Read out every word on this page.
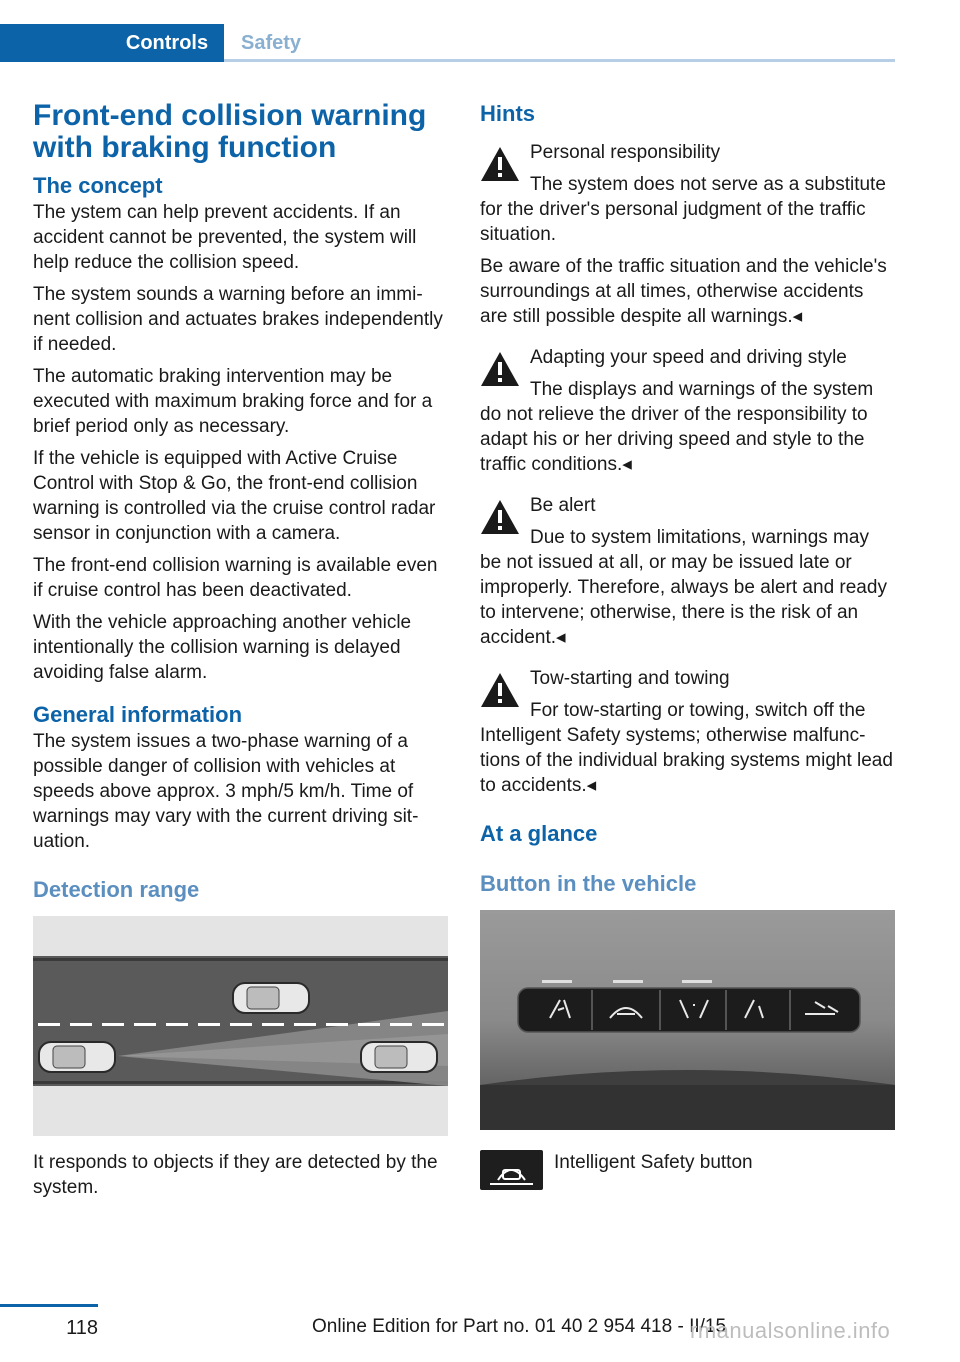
Controls	Safety
Front-end collision warning with braking function
The concept

The ystem can help prevent accidents. If an accident cannot be prevented, the system will help reduce the collision speed.

The system sounds a warning before an imminent collision and actuates brakes independently if needed.

The automatic braking intervention may be executed with maximum braking force and for a brief period only as necessary.

If the vehicle is equipped with Active Cruise Control with Stop & Go, the front-end collision warning is controlled via the cruise control radar sensor in conjunction with a camera.

The front-end collision warning is available even if cruise control has been deactivated.

With the vehicle approaching another vehicle intentionally the collision warning is delayed avoiding false alarm.

General information

The system issues a two-phase warning of a possible danger of collision with vehicles at speeds above approx. 3 mph/5 km/h. Time of warnings may vary with the current driving situation.

Detection range

It responds to objects if they are detected by the system.

Hints

Personal responsibility

The system does not serve as a substitute for the driver's personal judgment of the traffic situation.

Be aware of the traffic situation and the vehicle's surroundings at all times, otherwise accidents are still possible despite all warnings.◂

Adapting your speed and driving style

The displays and warnings of the system do not relieve the driver of the responsibility to adapt his or her driving speed and style to the traffic conditions.◂

Be alert

Due to system limitations, warnings may be not issued at all, or may be issued late or improperly. Therefore, always be alert and ready to intervene; otherwise, there is the risk of an accident.◂

Tow-starting and towing

For tow-starting or towing, switch off the Intelligent Safety systems; otherwise malfunctions of the individual braking systems might lead to accidents.◂

At a glance
Button in the vehicle
Intelligent Safety button
118	Online Edition for Part no. 01 40 2 954 418 - II/15
rmanualsonline.info
